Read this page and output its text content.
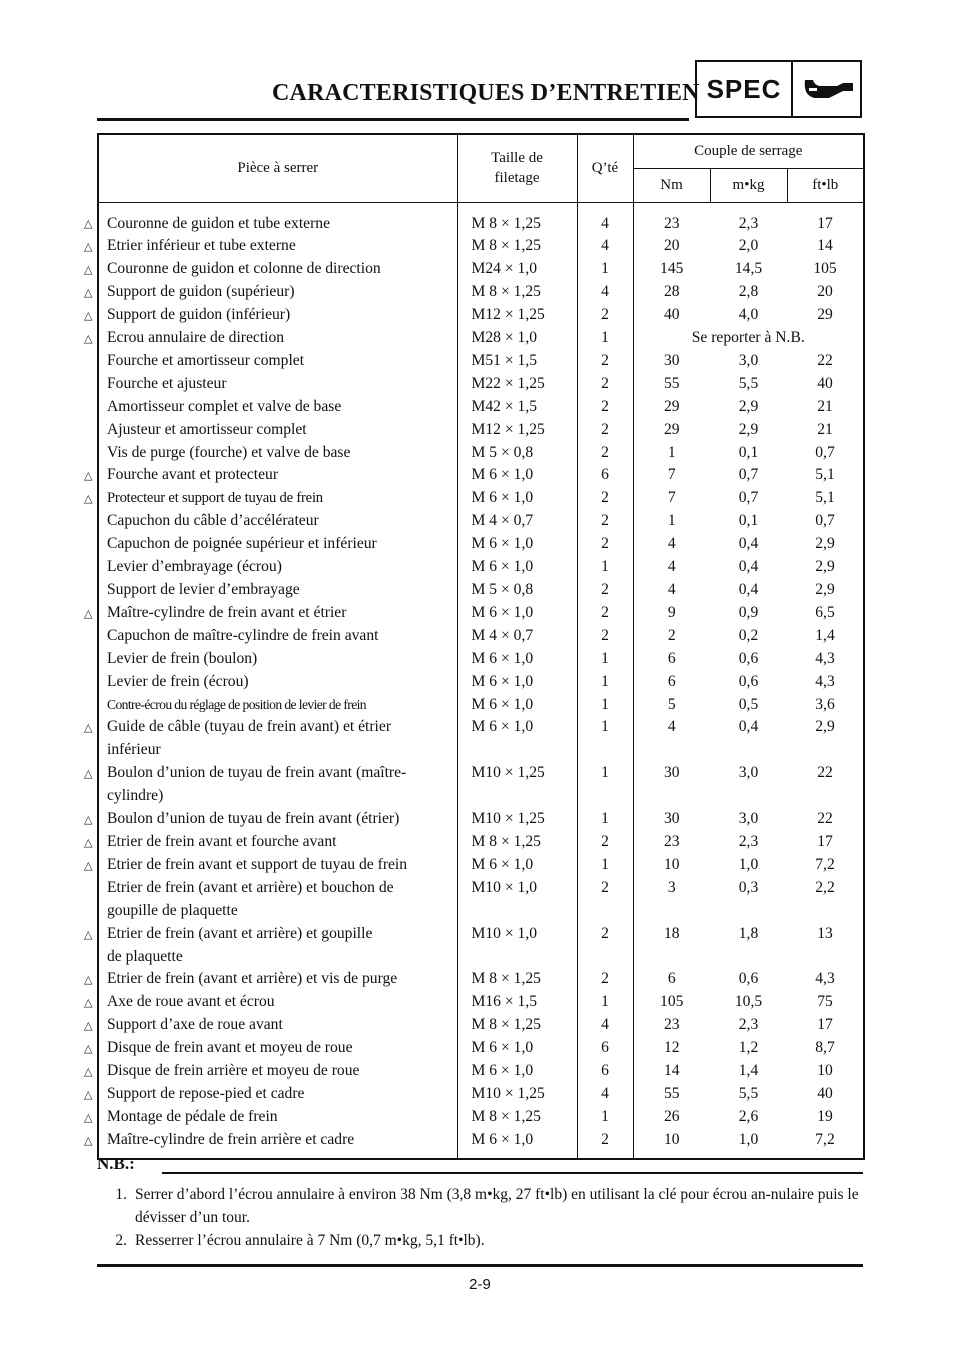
CARACTERISTIQUES D’ENTRETIEN SPEC
Pièce à serrer	Taille de
filetage	Q’té	Couple de serrage		
			Nm	m•kg	ft•lb
Couronne de guidon et tube externe	M 8 × 1,25	4	23	2,3	17
Etrier inférieur et tube externe	M 8 × 1,25	4	20	2,0	14
Couronne de guidon et colonne de direction	M24 × 1,0	1	145	14,5	105
Support de guidon (supérieur)	M 8 × 1,25	4	28	2,8	20
Support de guidon (inférieur)	M12 × 1,25	2	40	4,0	29
Ecrou annulaire de direction	M28 × 1,0	1	Se reporter à N.B.		
Fourche et amortisseur complet	M51 × 1,5	2	30	3,0	22
Fourche et ajusteur	M22 × 1,25	2	55	5,5	40
Amortisseur complet et valve de base	M42 × 1,5	2	29	2,9	21
Ajusteur et amortisseur complet	M12 × 1,25	2	29	2,9	21
Vis de purge (fourche) et valve de base	M 5 × 0,8	2	1	0,1	0,7
Fourche avant et protecteur	M 6 × 1,0	6	7	0,7	5,1
Protecteur et support de tuyau de frein	M 6 × 1,0	2	7	0,7	5,1
Capuchon du câble d’accélérateur	M 4 × 0,7	2	1	0,1	0,7
Capuchon de poignée supérieur et inférieur	M 6 × 1,0	2	4	0,4	2,9
Levier d’embrayage (écrou)	M 6 × 1,0	1	4	0,4	2,9
Support de levier d’embrayage	M 5 × 0,8	2	4	0,4	2,9
Maître-cylindre de frein avant et étrier	M 6 × 1,0	2	9	0,9	6,5
Capuchon de maître-cylindre de frein avant	M 4 × 0,7	2	2	0,2	1,4
Levier de frein (boulon)	M 6 × 1,0	1	6	0,6	4,3
Levier de frein (écrou)	M 6 × 1,0	1	6	0,6	4,3
Contre-écrou du réglage de position de levier de frein	M 6 × 1,0	1	5	0,5	3,6
Guide de câble (tuyau de frein avant) et étrier	M 6 × 1,0	1	4	0,4	2,9
inférieur					
Boulon d’union de tuyau de frein avant (maître-	M10 × 1,25	1	30	3,0	22
cylindre)					
Boulon d’union de tuyau de frein avant (étrier)	M10 × 1,25	1	30	3,0	22
Etrier de frein avant et fourche avant	M 8 × 1,25	2	23	2,3	17
Etrier de frein avant et support de tuyau de frein	M 6 × 1,0	1	10	1,0	7,2
Etrier de frein (avant et arrière) et bouchon de	M10 × 1,0	2	3	0,3	2,2
goupille de plaquette					
Etrier de frein (avant et arrière) et goupille	M10 × 1,0	2	18	1,8	13
de plaquette					
Etrier de frein (avant et arrière) et vis de purge	M 8 × 1,25	2	6	0,6	4,3
Axe de roue avant et écrou	M16 × 1,5	1	105	10,5	75
Support d’axe de roue avant	M 8 × 1,25	4	23	2,3	17
Disque de frein avant et moyeu de roue	M 6 × 1,0	6	12	1,2	8,7
Disque de frein arrière et moyeu de roue	M 6 × 1,0	6	14	1,4	10
Support de repose-pied et cadre	M10 × 1,25	4	55	5,5	40
Montage de pédale de frein	M 8 × 1,25	1	26	2,6	19
Maître-cylindre de frein arrière et cadre	M 6 × 1,0	2	10	1,0	7,2
△
△
△
△
△
△
△
△
△
△
△
△
△
△
△
△
△
△
△
△
△
△
△
N.B.:
1. Serrer d’abord l’écrou annulaire à environ 38 Nm (3,8 m•kg, 27 ft•lb) en utilisant la clé pour écrou an-nulaire puis le dévisser d’un tour.
2. Resserrer l’écrou annulaire à 7 Nm (0,7 m•kg, 5,1 ft•lb).
2-9
